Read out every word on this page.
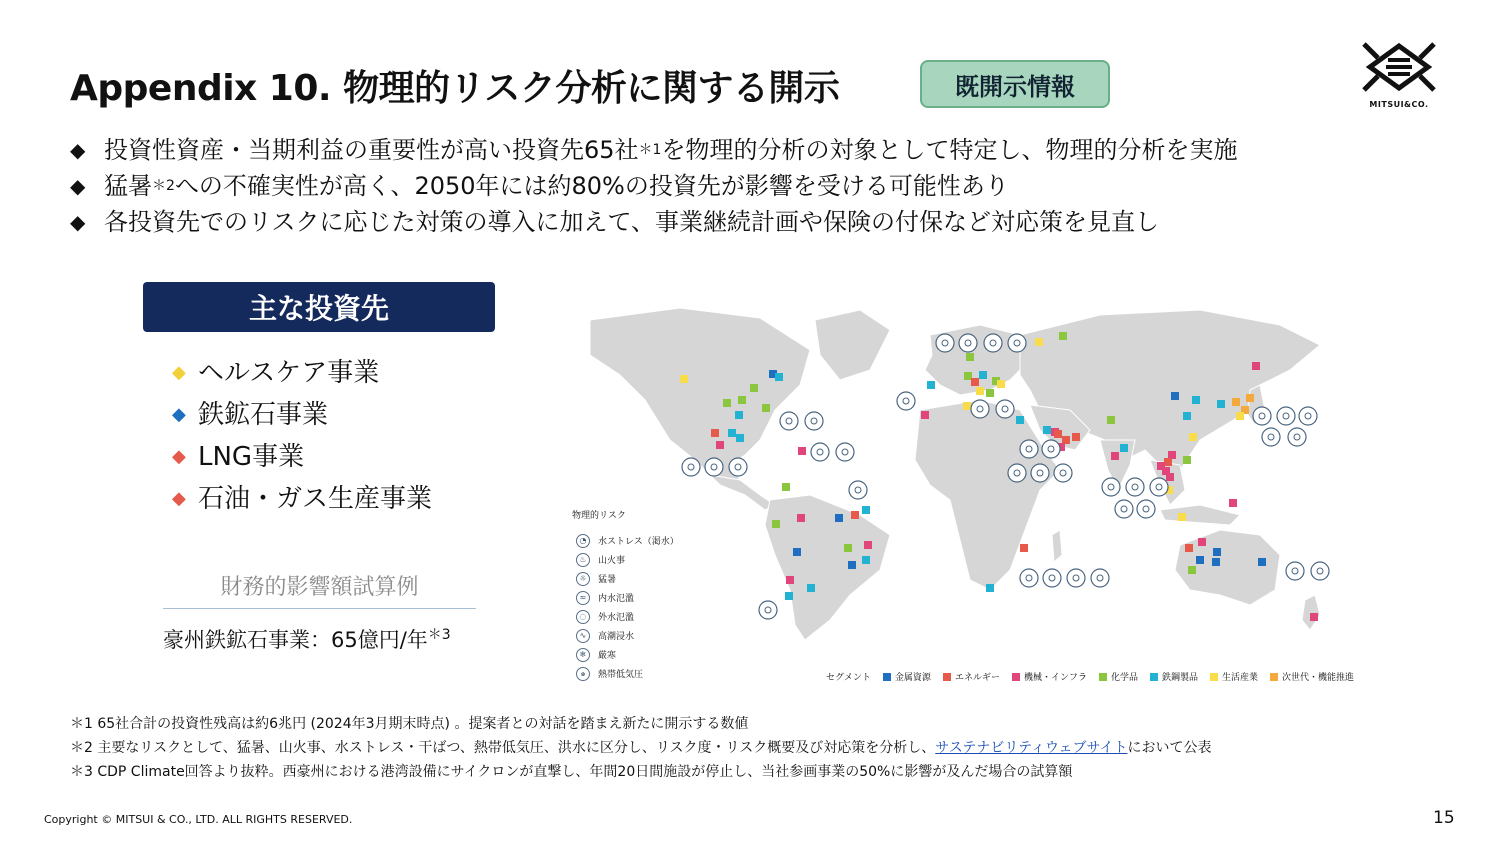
Appendix 10. 物理的リスク分析に関する開示	既開示情報
MITSUI&CO.
◆ 投資性資産・当期利益の重要性が高い投資先65社 ＊1 を物理的分析の対象として特定し、物理的分析を実施
◆ 猛暑 ＊2 への不確実性が高く、2050年には約80%の投資先が影響を受ける可能性あり
◆ 各投資先でのリスクに応じた対策の導入に加えて、事業継続計画や保険の付保など対応策を見直し
主な投資先
◆ ヘルスケア事業
◆ 鉄鉱石事業
◆ LNG事業
◆ 石油・ガス生産事業
財務的影響額試算例
豪州鉄鉱石事業：65億円/年$^{*3}$
物理的リスク
◔	水ストレス（渇水）
♨	山火事
☼	猛暑
≈	内水氾濫
◌	外水氾濫
∿	高潮浸水
❄	厳寒
๑	熱帯低気圧	セグメント	金属資源	エネルギー	機械・インフラ	化学品	鉄鋼製品	生活産業	次世代・機能推進
＊1 65社合計の投資性残高は約6兆円 (2024年3月期末時点) 。提案者との対話を踏まえ新たに開示する数値
＊2 主要なリスクとして、猛暑、山火事、水ストレス・干ばつ、熱帯低気圧、洪水に区分し、リスク度・リスク概要及び対応策を分析し、サステナビリティウェブサイトにおいて公表
＊3 CDP Climate回答より抜粋。西豪州における港湾設備にサイクロンが直撃し、年間20日間施設が停止し、当社参画事業の50%に影響が及んだ場合の試算額
Copyright © MITSUI & CO., LTD. ALL RIGHTS RESERVED.	15
